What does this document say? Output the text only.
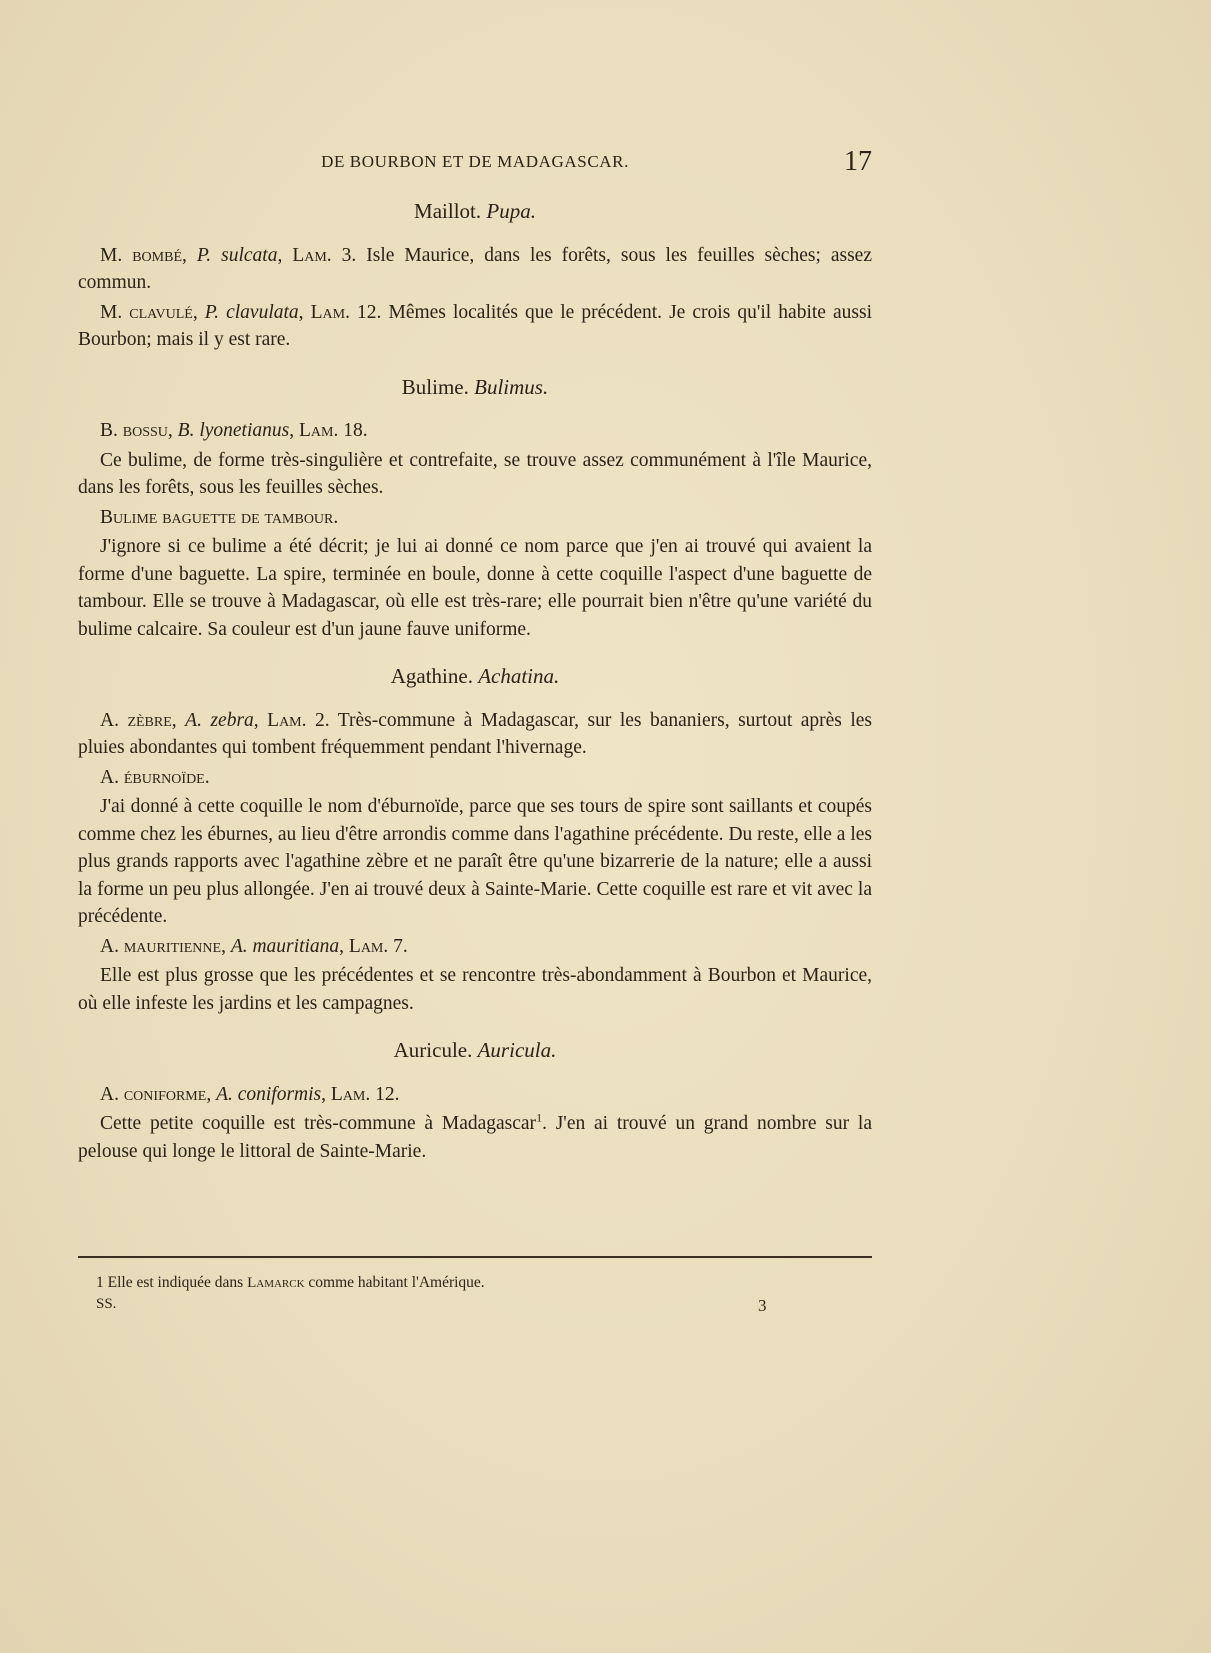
DE BOURBON ET DE MADAGASCAR.	17
Maillot. Pupa.

M. bombé, P. sulcata, Lam. 3. Isle Maurice, dans les forêts, sous les feuilles sèches; assez commun.

M. clavulé, P. clavulata, Lam. 12. Mêmes localités que le précédent. Je crois qu'il habite aussi Bourbon; mais il y est rare.

Bulime. Bulimus.

B. bossu, B. lyonetianus, Lam. 18.

Ce bulime, de forme très-singulière et contrefaite, se trouve assez communément à l'île Maurice, dans les forêts, sous les feuilles sèches.

Bulime baguette de tambour.

J'ignore si ce bulime a été décrit; je lui ai donné ce nom parce que j'en ai trouvé qui avaient la forme d'une baguette. La spire, terminée en boule, donne à cette coquille l'aspect d'une baguette de tambour. Elle se trouve à Madagascar, où elle est très-rare; elle pourrait bien n'être qu'une variété du bulime calcaire. Sa couleur est d'un jaune fauve uniforme.

Agathine. Achatina.

A. zèbre, A. zebra, Lam. 2. Très-commune à Madagascar, sur les bananiers, surtout après les pluies abondantes qui tombent fréquemment pendant l'hivernage.

A. éburnoïde.

J'ai donné à cette coquille le nom d'éburnoïde, parce que ses tours de spire sont saillants et coupés comme chez les éburnes, au lieu d'être arrondis comme dans l'agathine précédente. Du reste, elle a les plus grands rapports avec l'agathine zèbre et ne paraît être qu'une bizarrerie de la nature; elle a aussi la forme un peu plus allongée. J'en ai trouvé deux à Sainte-Marie. Cette coquille est rare et vit avec la précédente.

A. mauritienne, A. mauritiana, Lam. 7.

Elle est plus grosse que les précédentes et se rencontre très-abondamment à Bourbon et Maurice, où elle infeste les jardins et les campagnes.

Auricule. Auricula.

A. coniforme, A. coniformis, Lam. 12.

Cette petite coquille est très-commune à Madagascar$^1$. J'en ai trouvé un grand nombre sur la pelouse qui longe le littoral de Sainte-Marie.

1 Elle est indiquée dans Lamarck comme habitant l'Amérique.
SS.	3
